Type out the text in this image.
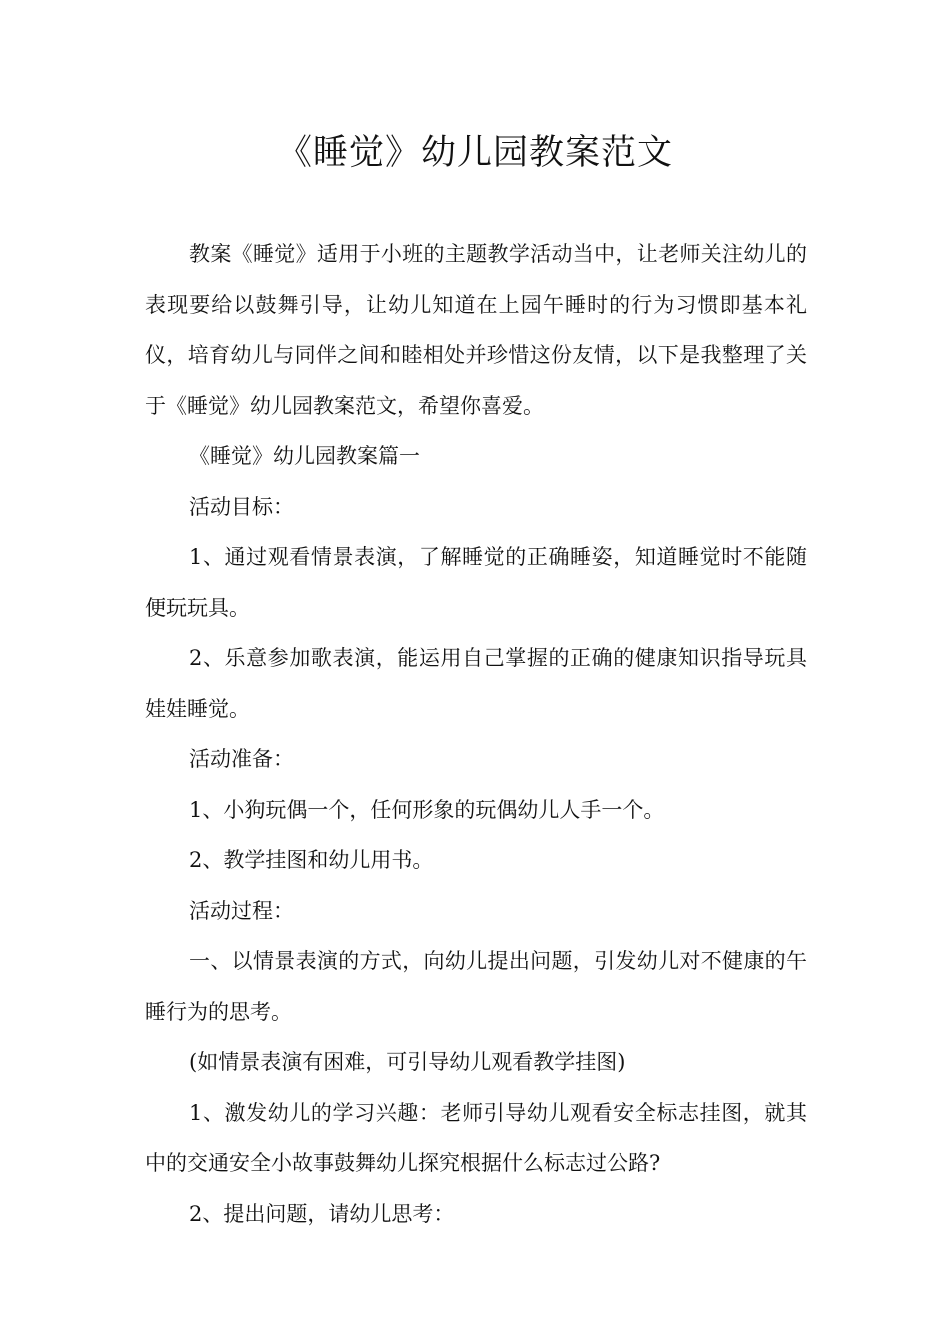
《睡觉》幼儿园教案范文

教案《睡觉》适用于小班的主题教学活动当中，让老师关注幼儿的表现要给以鼓舞引导，让幼儿知道在上园午睡时的行为习惯即基本礼仪，培育幼儿与同伴之间和睦相处并珍惜这份友情，以下是我整理了关于《睡觉》幼儿园教案范文，希望你喜爱。

《睡觉》幼儿园教案篇一

活动目标：

1、通过观看情景表演，了解睡觉的正确睡姿，知道睡觉时不能随便玩玩具。

2、乐意参加歌表演，能运用自己掌握的正确的健康知识指导玩具娃娃睡觉。

活动准备：

1、小狗玩偶一个，任何形象的玩偶幼儿人手一个。

2、教学挂图和幼儿用书。

活动过程：

一、以情景表演的方式，向幼儿提出问题，引发幼儿对不健康的午睡行为的思考。

(如情景表演有困难，可引导幼儿观看教学挂图)

1、激发幼儿的学习兴趣：老师引导幼儿观看安全标志挂图，就其中的交通安全小故事鼓舞幼儿探究根据什么标志过公路?

2、提出问题，请幼儿思考：
